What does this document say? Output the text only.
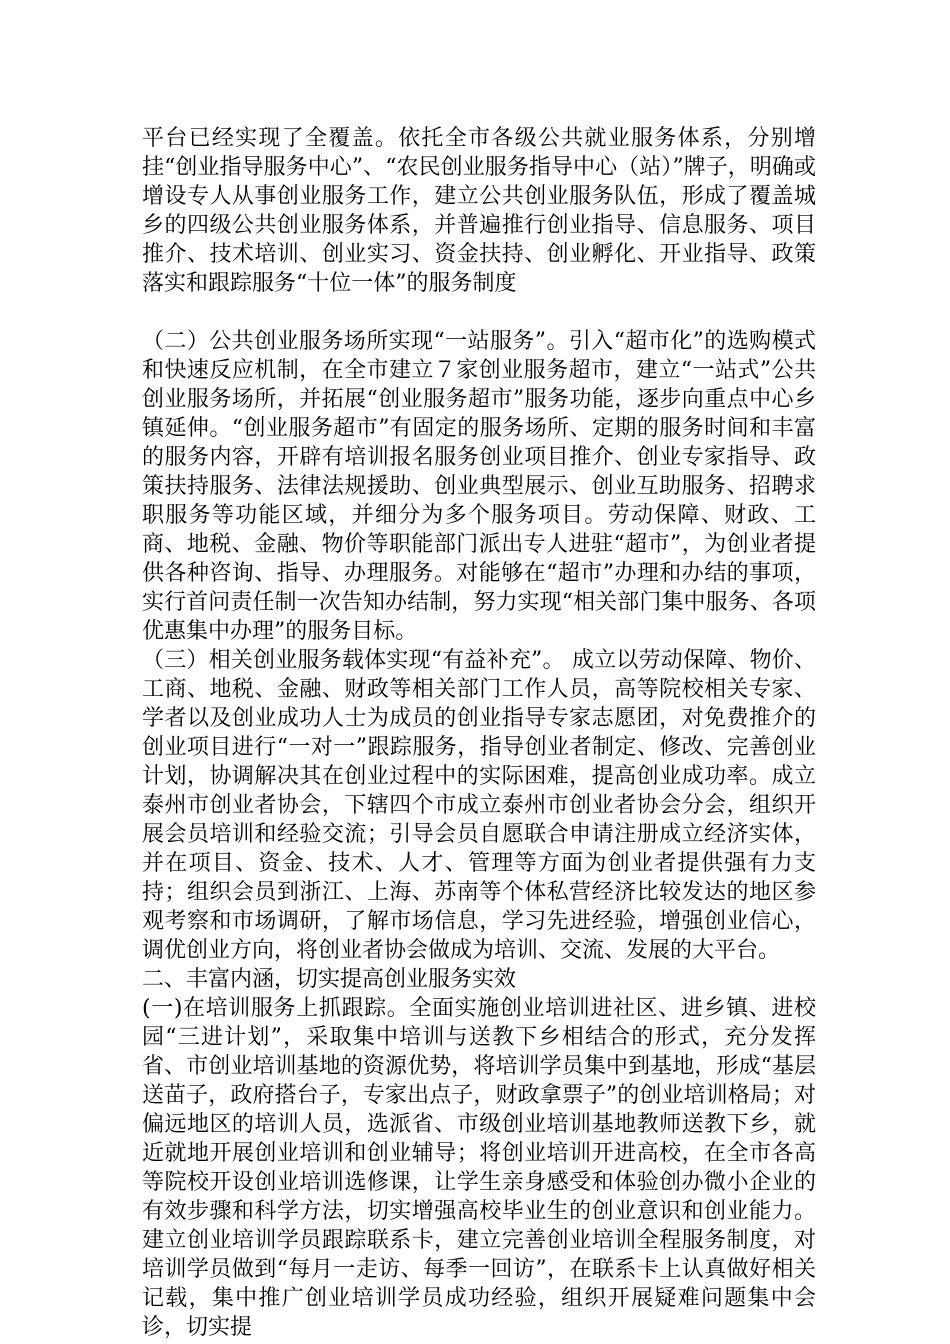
平台已经实现了全覆盖。依托全市各级公共就业服务体系，分别增挂“创业指导服务中心”、“农民创业服务指导中心（站）”牌子，明确或增设专人从事创业服务工作，建立公共创业服务队伍，形成了覆盖城乡的四级公共创业服务体系，并普遍推行创业指导、信息服务、项目推介、技术培训、创业实习、资金扶持、创业孵化、开业指导、政策落实和跟踪服务“十位一体”的服务制度

（二）公共创业服务场所实现“一站服务”。引入“超市化”的选购模式和快速反应机制，在全市建立７家创业服务超市，建立“一站式”公共创业服务场所，并拓展“创业服务超市”服务功能，逐步向重点中心乡镇延伸。“创业服务超市”有固定的服务场所、定期的服务时间和丰富的服务内容，开辟有培训报名服务创业项目推介、创业专家指导、政策扶持服务、法律法规援助、创业典型展示、创业互助服务、招聘求职服务等功能区域，并细分为多个服务项目。劳动保障、财政、工商、地税、金融、物价等职能部门派出专人进驻“超市”，为创业者提供各种咨询、指导、办理服务。对能够在“超市”办理和办结的事项，实行首问责任制一次告知办结制，努力实现“相关部门集中服务、各项优惠集中办理”的服务目标。

（三）相关创业服务载体实现“有益补充”。 成立以劳动保障、物价、工商、地税、金融、财政等相关部门工作人员，高等院校相关专家、学者以及创业成功人士为成员的创业指导专家志愿团，对免费推介的创业项目进行“一对一”跟踪服务，指导创业者制定、修改、完善创业计划，协调解决其在创业过程中的实际困难，提高创业成功率。成立泰州市创业者协会，下辖四个市成立泰州市创业者协会分会，组织开展会员培训和经验交流；引导会员自愿联合申请注册成立经济实体，并在项目、资金、技术、人才、管理等方面为创业者提供强有力支持；组织会员到浙江、上海、苏南等个体私营经济比较发达的地区参观考察和市场调研，了解市场信息，学习先进经验，增强创业信心，调优创业方向，将创业者协会做成为培训、交流、发展的大平台。

二、丰富内涵，切实提高创业服务实效

(一)在培训服务上抓跟踪。全面实施创业培训进社区、进乡镇、进校园“三进计划”，采取集中培训与送教下乡相结合的形式，充分发挥省、市创业培训基地的资源优势，将培训学员集中到基地，形成“基层送苗子，政府搭台子，专家出点子，财政拿票子”的创业培训格局；对偏远地区的培训人员，选派省、市级创业培训基地教师送教下乡，就近就地开展创业培训和创业辅导；将创业培训开进高校，在全市各高等院校开设创业培训选修课，让学生亲身感受和体验创办微小企业的有效步骤和科学方法，切实增强高校毕业生的创业意识和创业能力。建立创业培训学员跟踪联系卡，建立完善创业培训全程服务制度，对培训学员做到“每月一走访、每季一回访”，在联系卡上认真做好相关记载，集中推广创业培训学员成功经验，组织开展疑难问题集中会诊，切实提
